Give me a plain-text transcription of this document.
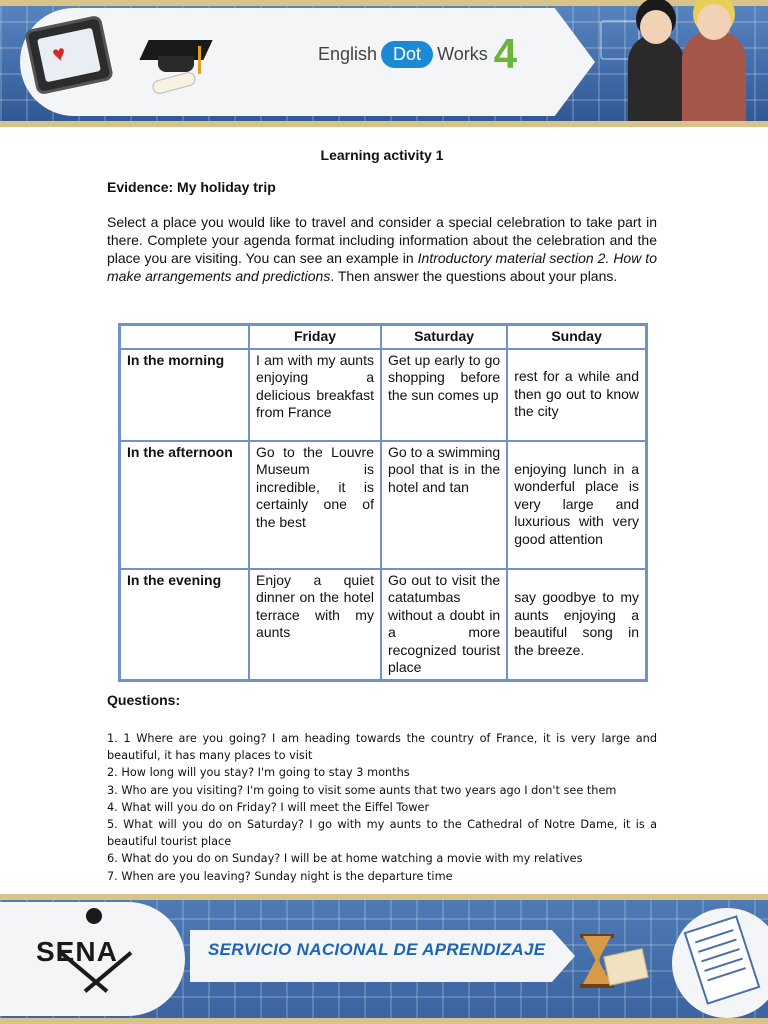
♥	English Dot Works 4
Learning activity 1
Evidence: My holiday trip

Select a place you would like to travel and consider a special celebration to take part in there. Complete your agenda format including information about the celebration and the place you are visiting. You can see an example in Introductory material section 2. How to make arrangements and predictions. Then answer the questions about your plans.

	Friday	Saturday	Sunday
In the morning	I am with my aunts enjoying a delicious breakfast from France	Get up early to go shopping before the sun comes up	rest for a while and then go out to know the city
In the afternoon	Go to the Louvre Museum is incredible, it is certainly one of the best	Go to a swimming pool that is in the hotel and tan	enjoying lunch in a wonderful place is very large and luxurious with very good attention
In the evening	Enjoy a quiet dinner on the hotel terrace with my aunts	Go out to visit the catatumbas without a doubt in a more recognized tourist place	say goodbye to my aunts enjoying a beautiful song in the breeze.
Questions:

1. 1 Where are you going? I am heading towards the country of France, it is very large and beautiful, it has many places to visit

2. How long will you stay? I'm going to stay 3 months

3. Who are you visiting? I'm going to visit some aunts that two years ago I don't see them

4. What will you do on Friday? I will meet the Eiffel Tower

5. What will you do on Saturday? I go with my aunts to the Cathedral of Notre Dame, it is a beautiful tourist place

6. What do you do on Sunday? I will be at home watching a movie with my relatives

7. When are you leaving? Sunday night is the departure time

SENA	SERVICIO NACIONAL DE APRENDIZAJE
